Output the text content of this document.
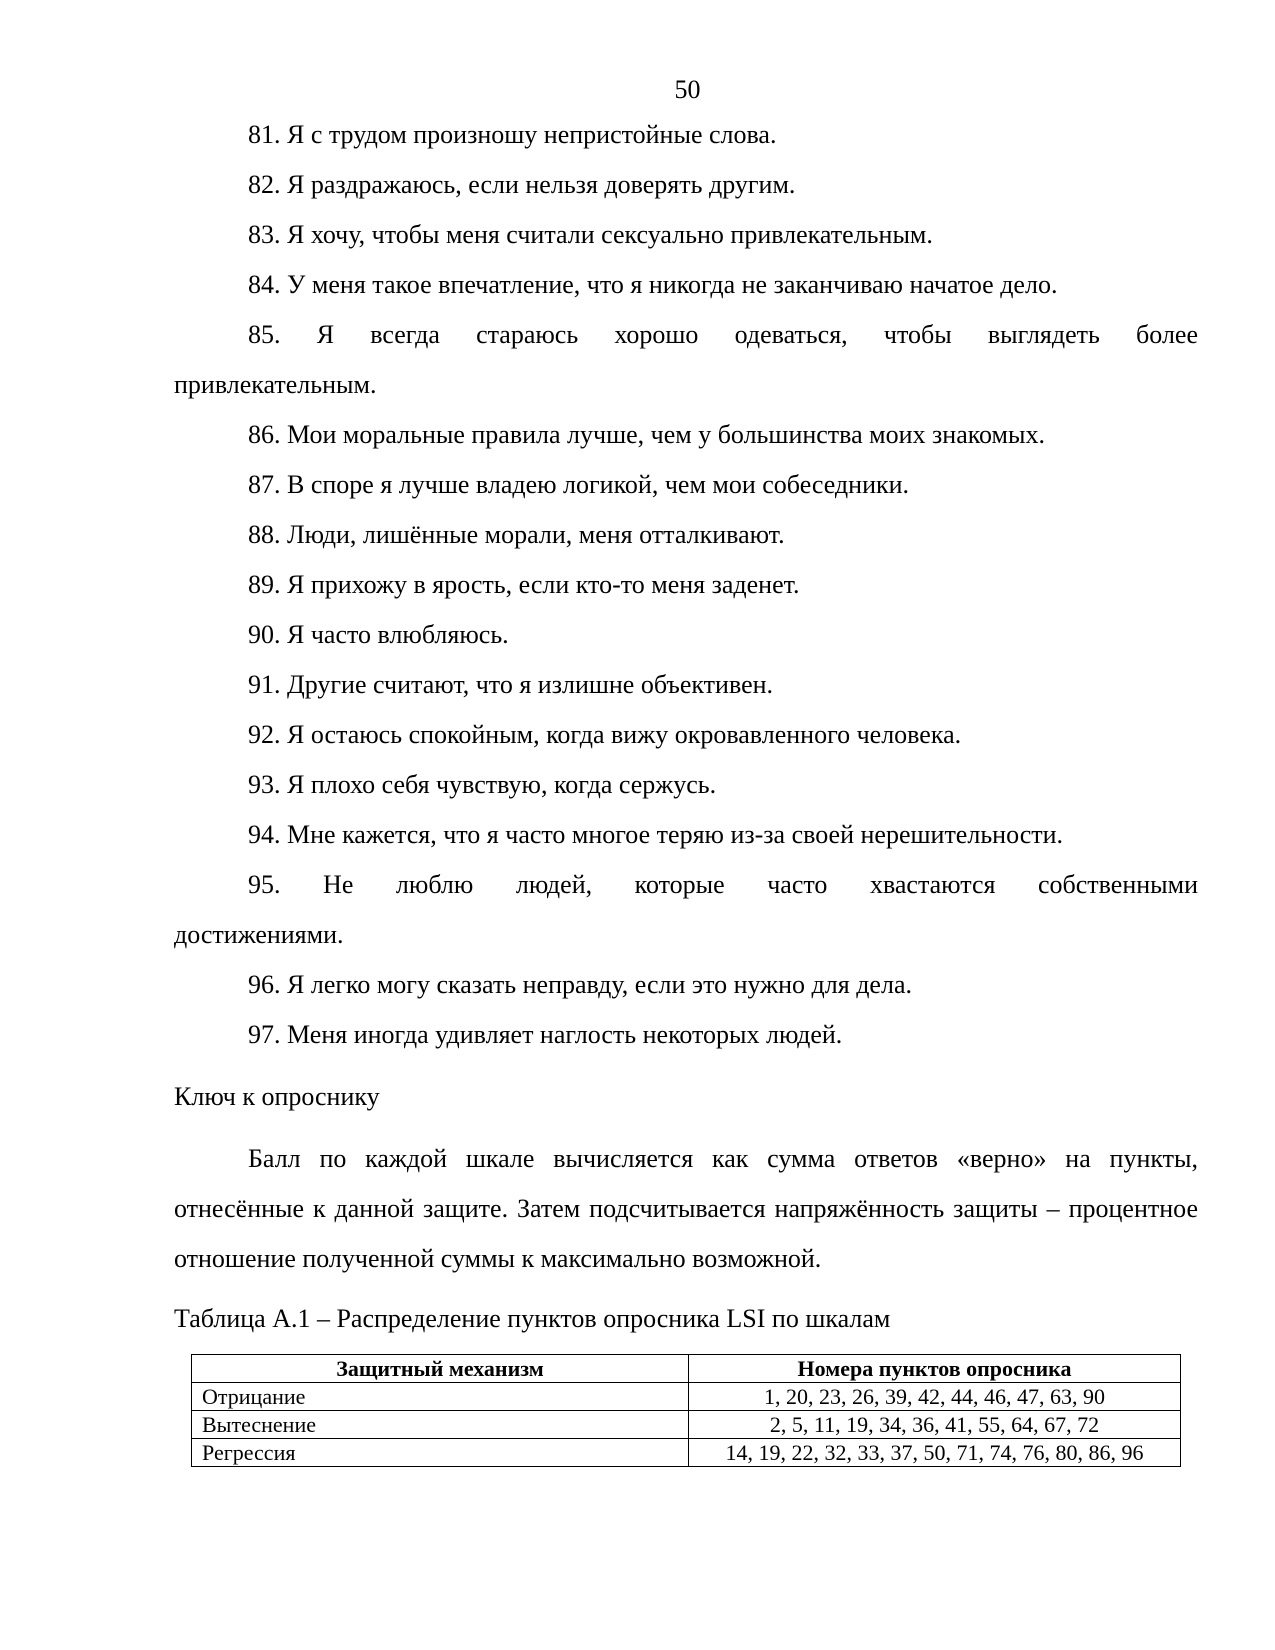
50

81. Я с трудом произношу непристойные слова.

82. Я раздражаюсь, если нельзя доверять другим.

83. Я хочу, чтобы меня считали сексуально привлекательным.

84. У меня такое впечатление, что я никогда не заканчиваю начатое дело.

85. Я всегда стараюсь хорошо одеваться, чтобы выглядеть более

привлекательным.

86. Мои моральные правила лучше, чем у большинства моих знакомых.

87. В споре я лучше владею логикой, чем мои собеседники.

88. Люди, лишённые морали, меня отталкивают.

89. Я прихожу в ярость, если кто-то меня заденет.

90. Я часто влюбляюсь.

91. Другие считают, что я излишне объективен.

92. Я остаюсь спокойным, когда вижу окровавленного человека.

93. Я плохо себя чувствую, когда сержусь.

94. Мне кажется, что я часто многое теряю из-за своей нерешительности.

95. Не люблю людей, которые часто хвастаются собственными

достижениями.

96. Я легко могу сказать неправду, если это нужно для дела.

97. Меня иногда удивляет наглость некоторых людей.

Ключ к опроснику

Балл по каждой шкале вычисляется как сумма ответов «верно» на пункты, отнесённые к данной защите. Затем подсчитывается напряжённость защиты – процентное отношение полученной суммы к максимально возможной.

Таблица А.1 – Распределение пунктов опросника LSI по шкалам

Защитный механизм	Номера пунктов опросника
Отрицание	1, 20, 23, 26, 39, 42, 44, 46, 47, 63, 90
Вытеснение	2, 5, 11, 19, 34, 36, 41, 55, 64, 67, 72
Регрессия	14, 19, 22, 32, 33, 37, 50, 71, 74, 76, 80, 86, 96
